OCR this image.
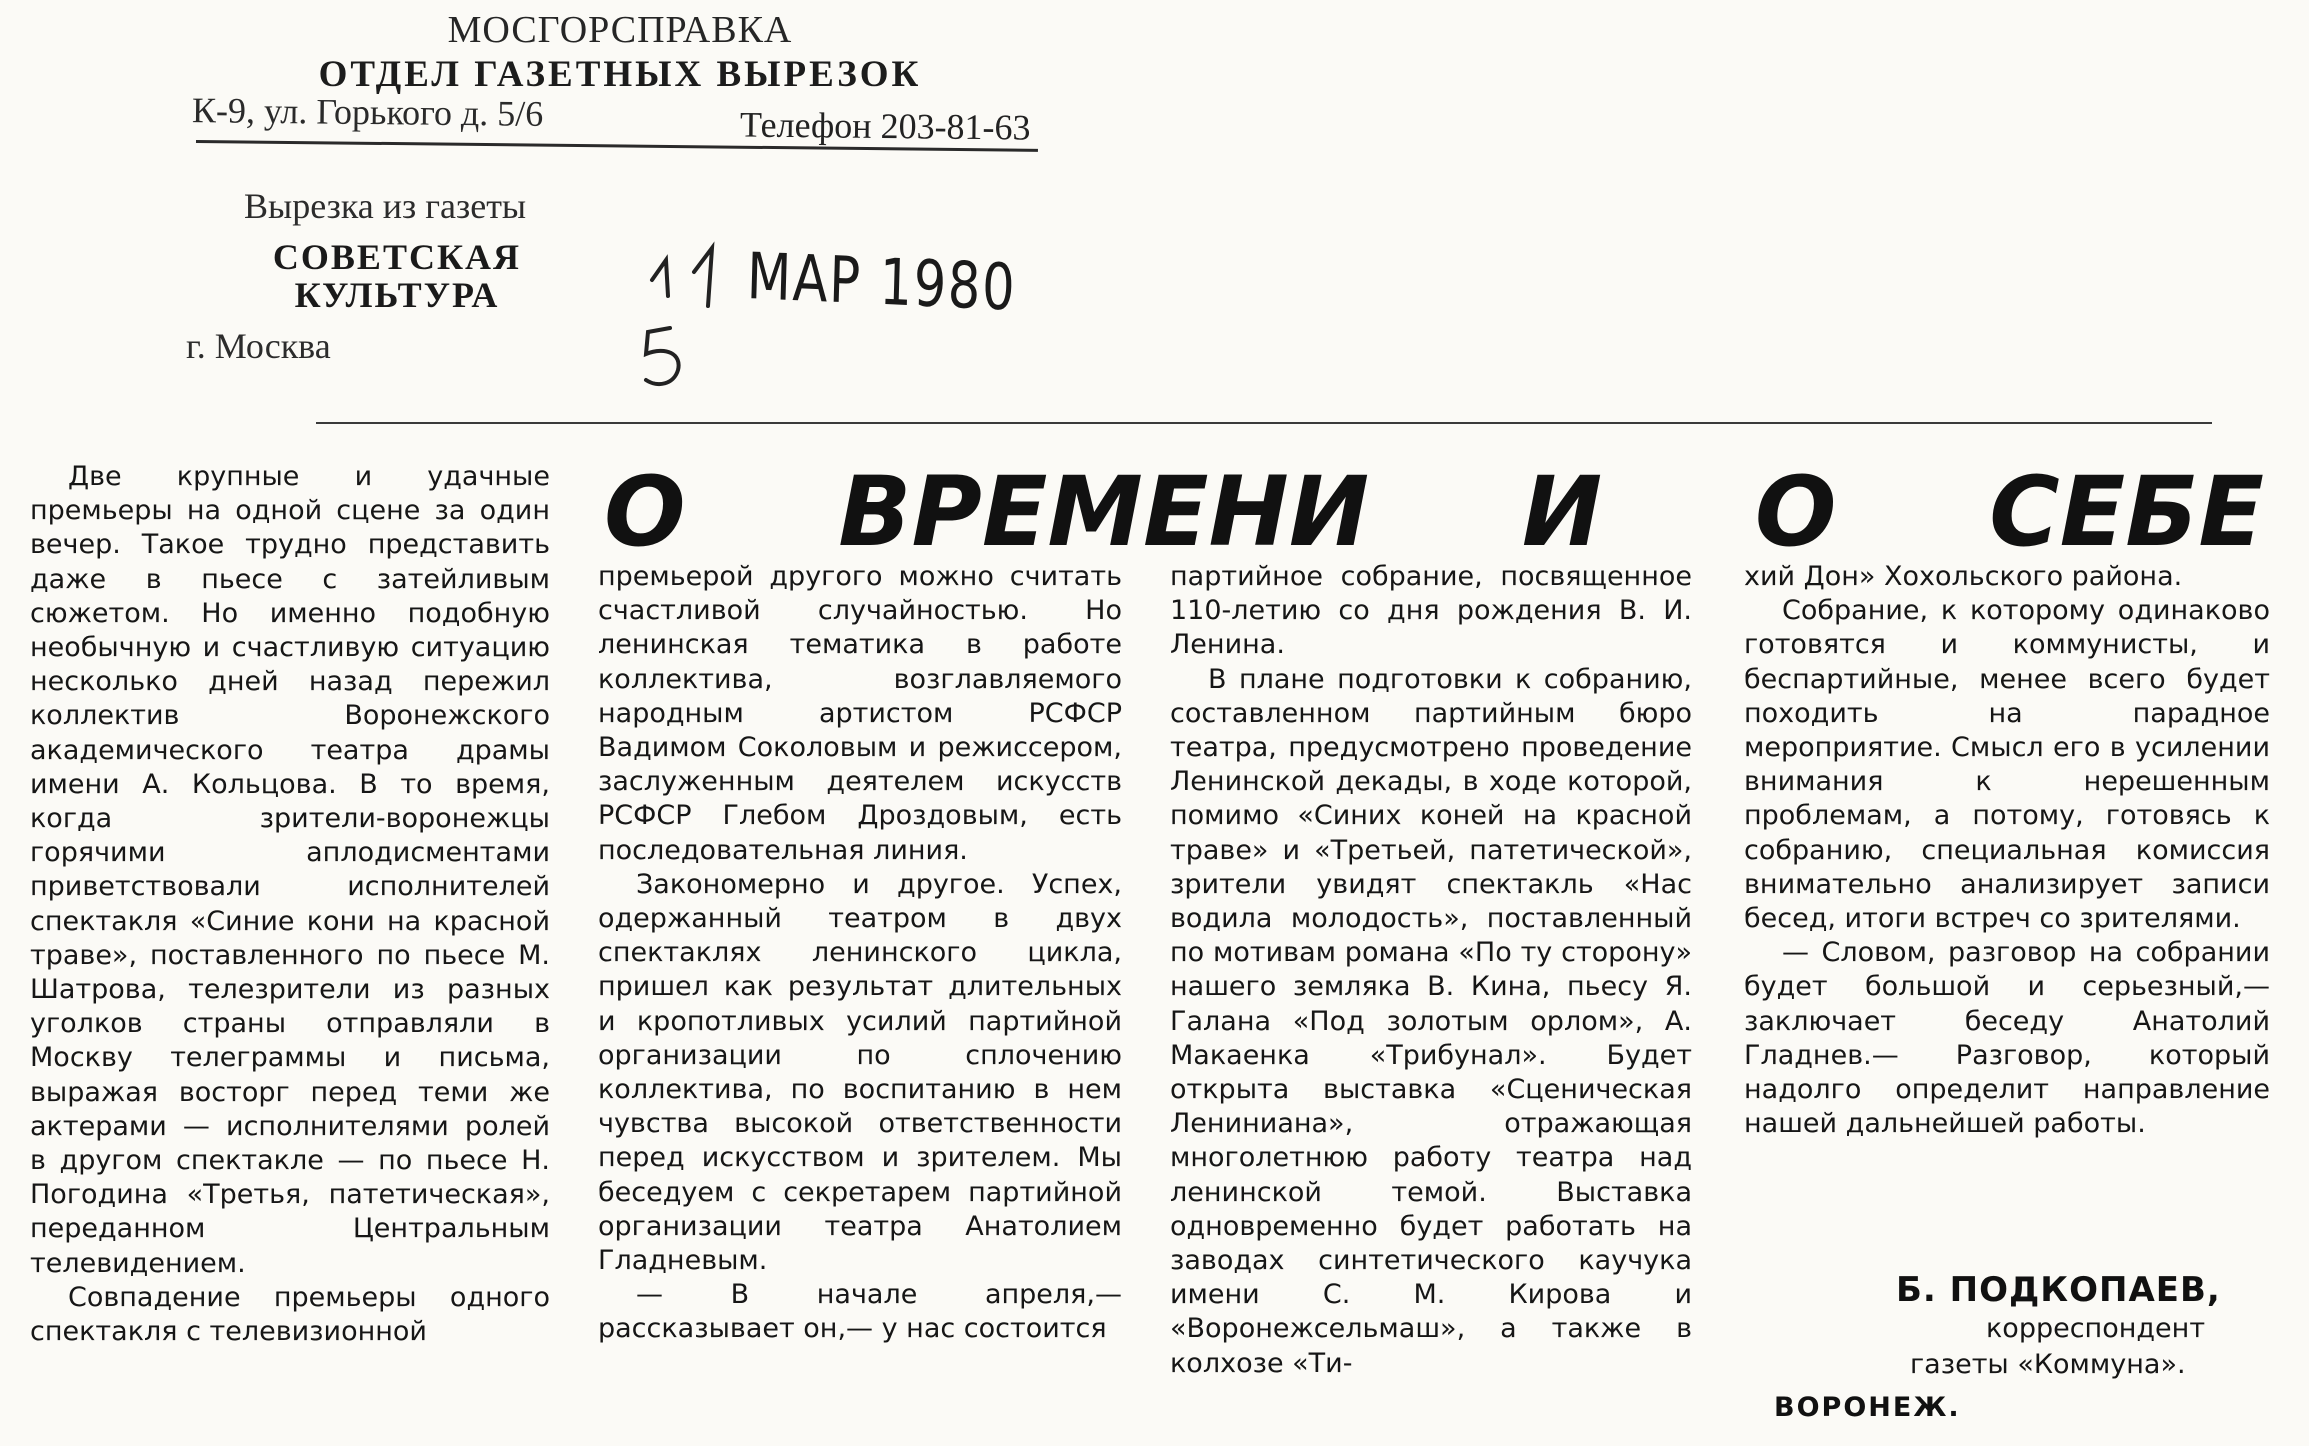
МОСГОРСПРАВКА
ОТДЕЛ ГАЗЕТНЫХ ВЫРЕЗОК
К-9, ул. Горького д. 5/6	Телефон 203-81-63
Вырезка из газеты
СОВЕТСКАЯ
КУЛЬТУРА
г. Москва
МАР 1980
О ВРЕМЕНИ И О СЕБЕ

Две крупные и удачные премьеры на одной сцене за один вечер. Такое трудно представить даже в пьесе с затейливым сюжетом. Но именно подобную необычную и счастливую ситуацию несколько дней назад пережил коллектив Воронежского академического театра драмы имени А. Кольцова. В то время, когда зрители-воронежцы горячими аплодисментами приветствовали исполнителей спектакля «Синие кони на красной траве», поставленного по пьесе М. Шатрова, телезрители из разных уголков страны отправляли в Москву телеграммы и письма, выражая восторг перед теми же актерами — исполнителями ролей в другом спектакле — по пьесе Н. Погодина «Третья, патетическая», переданном Центральным телевидением.

Совпадение премьеры одного спектакля с телевизионной

премьерой другого можно считать счастливой случайностью. Но ленинская тематика в работе коллектива, возглавляемого народным артистом РСФСР Вадимом Соколовым и режиссером, заслуженным деятелем искусств РСФСР Глебом Дроздовым, есть последовательная линия.

Закономерно и другое. Успех, одержанный театром в двух спектаклях ленинского цикла, пришел как результат длительных и кропотливых усилий партийной организации по сплочению коллектива, по воспитанию в нем чувства высокой ответственности перед искусством и зрителем. Мы беседуем с секретарем партийной организации театра Анатолием Гладневым.

— В начале апреля,— рассказывает он,— у нас состоится

партийное собрание, посвященное 110-летию со дня рождения В. И. Ленина.

В плане подготовки к собранию, составленном партийным бюро театра, предусмотрено проведение Ленинской декады, в ходе которой, помимо «Синих коней на красной траве» и «Третьей, патетической», зрители увидят спектакль «Нас водила молодость», поставленный по мотивам романа «По ту сторону» нашего земляка В. Кина, пьесу Я. Галана «Под золотым орлом», А. Макаенка «Трибунал». Будет открыта выставка «Сценическая Лениниана», отражающая многолетнюю работу театра над ленинской темой. Выставка одновременно будет работать на заводах синтетического каучука имени С. М. Кирова и «Воронежсельмаш», а также в колхозе «Ти-

хий Дон» Хохольского района.

Собрание, к которому одинаково готовятся и коммунисты, и беспартийные, менее всего будет походить на парадное мероприятие. Смысл его в усилении внимания к нерешенным проблемам, а потому, готовясь к собранию, специальная комиссия внимательно анализирует записи бесед, итоги встреч со зрителями.

— Словом, разговор на собрании будет большой и серьезный,—заключает беседу Анатолий Гладнев.— Разговор, который надолго определит направление нашей дальнейшей работы.

Б. ПОДКОПАЕВ,
корреспондент
газеты «Коммуна».
ВОРОНЕЖ.
